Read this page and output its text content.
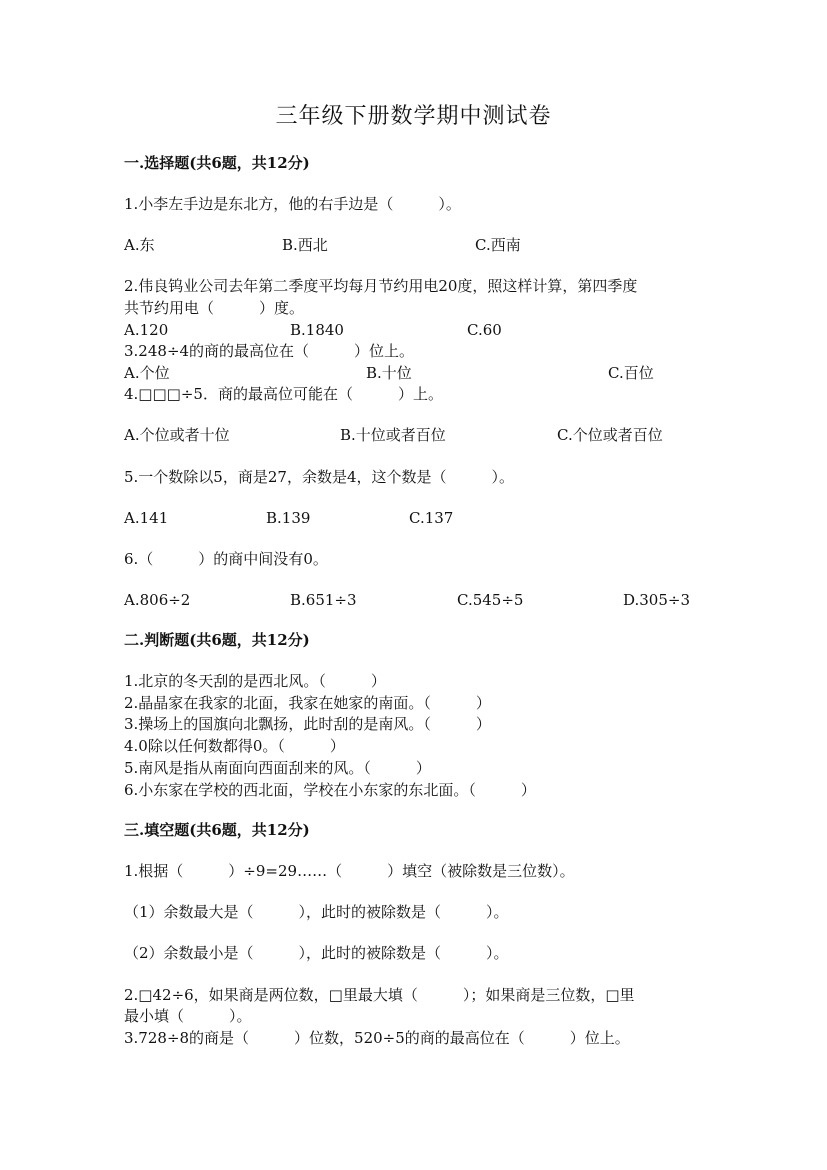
三年级下册数学期中测试卷
一.选择题(共6题，共12分)
1.小李左手边是东北方，他的右手边是（　　　）。
A.东	B.西北	C.西南
2.伟良钨业公司去年第二季度平均每月节约用电20度，照这样计算，第四季度
共节约用电（　　　）度。
A.120	B.1840	C.60
3.248÷4的商的最高位在（　　　）位上。
A.个位	B.十位	C.百位
4.□□□÷5．商的最高位可能在（　　　）上。
A.个位或者十位	B.十位或者百位	C.个位或者百位
5.一个数除以5，商是27，余数是4，这个数是（　　　）。
A.141	B.139	C.137
6.（　　　）的商中间没有0。
A.806÷2	B.651÷3	C.545÷5	D.305÷3
二.判断题(共6题，共12分)
1.北京的冬天刮的是西北风。（　　　）
2.晶晶家在我家的北面，我家在她家的南面。（　　　）
3.操场上的国旗向北飘扬，此时刮的是南风。（　　　）
4.0除以任何数都得0。（　　　）
5.南风是指从南面向西面刮来的风。（　　　）
6.小东家在学校的西北面，学校在小东家的东北面。（　　　）
三.填空题(共6题，共12分)
1.根据（　　　）÷9=29……（　　　）填空（被除数是三位数）。
（1）余数最大是（　　　），此时的被除数是（　　　）。
（2）余数最小是（　　　），此时的被除数是（　　　）。
2.□42÷6，如果商是两位数，□里最大填（　　　）；如果商是三位数，□里
最小填（　　　）。
3.728÷8的商是（　　　）位数，520÷5的商的最高位在（　　　）位上。
